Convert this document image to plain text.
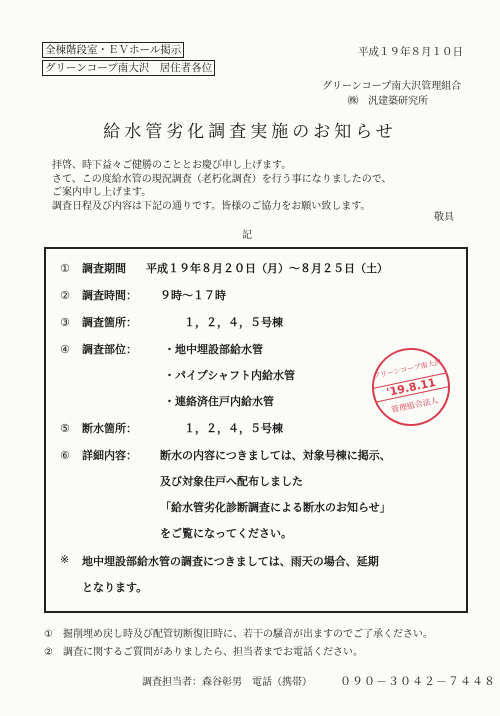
全棟階段室・ＥＶホール掲示
グリーンコープ南大沢　居住者各位
平成１９年８月１０日
グリーンコープ南大沢管理組合
㈱　汎建築研究所
給水管劣化調査実施のお知らせ
拝啓、時下益々ご健勝のこととお慶び申し上げます。
さて、この度給水管の現況調査（老朽化調査）を行う事になりましたので、
ご案内申し上げます。
調査日程及び内容は下記の通りです。皆様のご協力をお願い致します。
敬具
記
① 調査期間 平成１９年８月２０日（月）～８月２５日（土）
② 調査時間： ９時～１７時
③ 調査箇所：	１，２，４，５号棟
④ 調査部位： ・地中埋設部給水管
・パイプシャフト内給水管
・連絡済住戸内給水管
⑤ 断水箇所：	１，２，４，５号棟
⑥ 詳細内容： 断水の内容につきましては、対象号棟に掲示、
及び対象住戸へ配布しました
「給水管劣化診断調査による断水のお知らせ」
をご覧になってください。
※ 地中埋設部給水管の調査につきましては、雨天の場合、延期
となります。
グリーンコープ南大沢
'19.8.11
管理組合法人
①　掘削埋め戻し時及び配管切断復旧時に、若干の騒音が出ますのでご了承ください。
②　調査に関するご質問がありましたら、担当者までお電話ください。
調査担当者：森谷彰男　電話（携帯）	０９０－３０４２－７４４８
